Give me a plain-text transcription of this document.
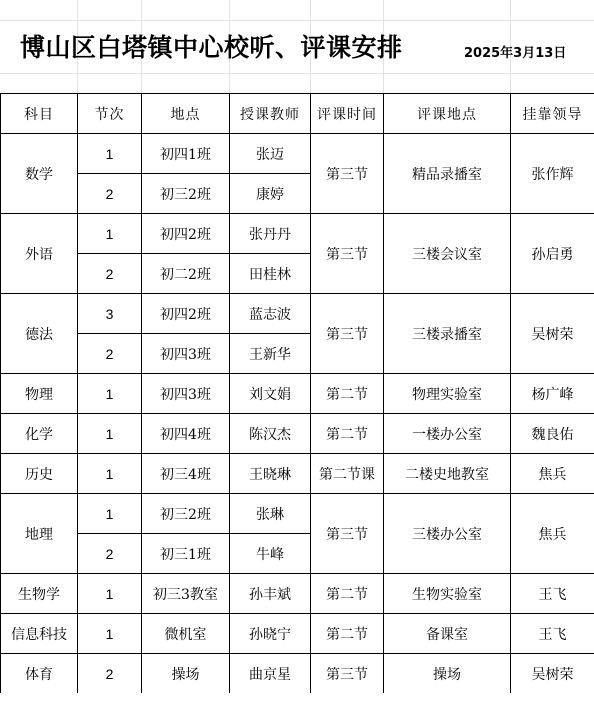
博山区白塔镇中心校听、评课安排	2025年3月13日
科目	节次	地点	授课教师	评课时间	评课地点	挂靠领导
数学	1	初四1班	张迈	第三节	精品录播室	张作辉
	2	初三2班	康婷			
外语	1	初四2班	张丹丹	第三节	三楼会议室	孙启勇
	2	初二2班	田桂林			
德法	3	初四2班	蓝志波	第三节	三楼录播室	吴树荣
	2	初四3班	王新华			
物理	1	初四3班	刘文娟	第二节	物理实验室	杨广峰
化学	1	初四4班	陈汉杰	第二节	一楼办公室	魏良佑
历史	1	初三4班	王晓琳	第二节课	二楼史地教室	焦兵
地理	1	初三2班	张琳	第三节	三楼办公室	焦兵
	2	初三1班	牛峰			
生物学	1	初三3教室	孙丰斌	第二节	生物实验室	王飞
信息科技	1	微机室	孙晓宁	第二节	备课室	王飞
体育	2	操场	曲京星	第三节	操场	吴树荣
